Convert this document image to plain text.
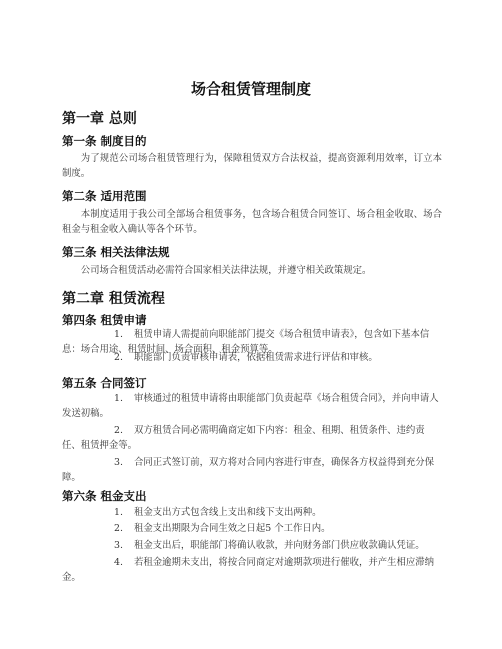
场合租赁管理制度
第一章 总则
第一条 制度目的
为了规范公司场合租赁管理行为，保障租赁双方合法权益，提高资源利用效率，订立本制度。
第二条 适用范围
本制度适用于我公司全部场合租赁事务，包含场合租赁合同签订、场合租金收取、场合租金与租金收入确认等各个环节。
第三条 相关法律法规
公司场合租赁活动必需符合国家相关法律法规，并遵守相关政策规定。
第二章 租赁流程
第四条 租赁申请
1.	租赁申请人需提前向职能部门提交《场合租赁申请表》，包含如下基本信息：场合用途、租赁时间、场合面积、租金预算等。
2.	职能部门负责审核申请表，依据租赁需求进行评估和审核。
第五条 合同签订
1.	审核通过的租赁申请将由职能部门负责起草《场合租赁合同》，并向申请人发送初稿。
2.	双方租赁合同必需明确商定如下内容：租金、租期、租赁条件、违约责任、租赁押金等。
3.	合同正式签订前，双方将对合同内容进行审查，确保各方权益得到充分保障。
第六条 租金支出
1.	租金支出方式包含线上支出和线下支出两种。
2.	租金支出期限为合同生效之日起5 个工作日内。
3.	租金支出后，职能部门将确认收款，并向财务部门供应收款确认凭证。
4.	若租金逾期未支出，将按合同商定对逾期款项进行催收，并产生相应滞纳金。
